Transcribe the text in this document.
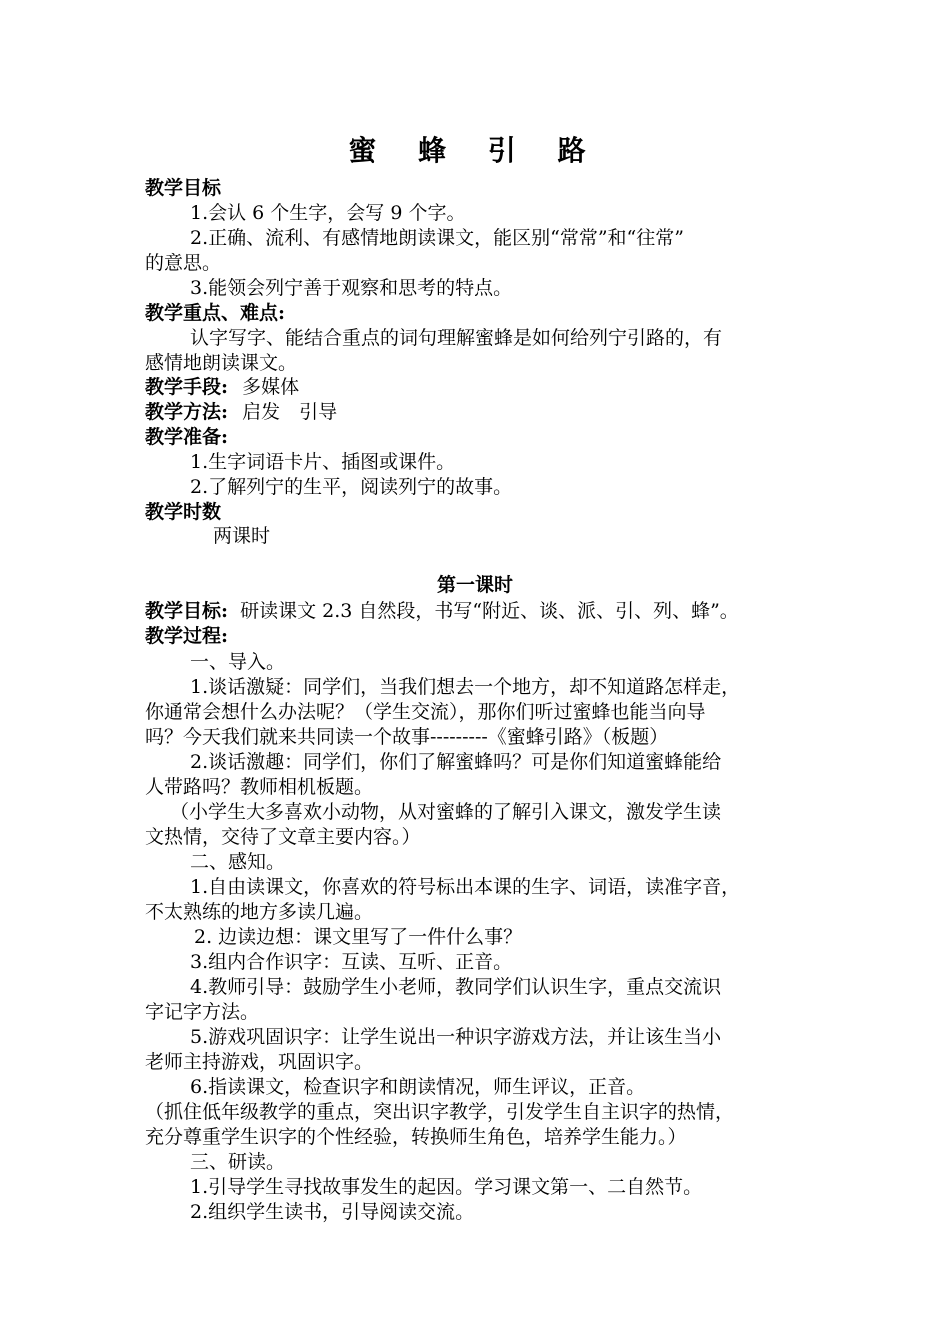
蜜 蜂 引 路
教学目标
1.会认 6 个生字，会写 9 个字。
2.正确、流利、有感情地朗读课文，能区别“常常”和“往常”
的意思。
3.能领会列宁善于观察和思考的特点。
教学重点、难点:
认字写字、能结合重点的词句理解蜜蜂是如何给列宁引路的，有
感情地朗读课文。
教学手段: 多媒体
教学方法: 启发　引导
教学准备:
1.生字词语卡片、插图或课件。
2.了解列宁的生平，阅读列宁的故事。
教学时数
两课时
第一课时
教学目标: 研读课文 2.3 自然段，书写“附近、谈、派、引、列、蜂”。
教学过程:
一、导入。
1.谈话激疑：同学们，当我们想去一个地方，却不知道路怎样走，
你通常会想什么办法呢？（学生交流），那你们听过蜜蜂也能当向导
吗？今天我们就来共同读一个故事---------《蜜蜂引路》（板题）
2.谈话激趣：同学们，你们了解蜜蜂吗？可是你们知道蜜蜂能给
人带路吗？教师相机板题。
（小学生大多喜欢小动物，从对蜜蜂的了解引入课文，激发学生读
文热情，交待了文章主要内容。）
二、感知。
1.自由读课文，你喜欢的符号标出本课的生字、词语，读准字音，
不太熟练的地方多读几遍。
2. 边读边想：课文里写了一件什么事？
3.组内合作识字：互读、互听、正音。
4.教师引导：鼓励学生小老师，教同学们认识生字，重点交流识
字记字方法。
5.游戏巩固识字：让学生说出一种识字游戏方法，并让该生当小
老师主持游戏，巩固识字。
6.指读课文，检查识字和朗读情况，师生评议，正音。
（抓住低年级教学的重点，突出识字教学，引发学生自主识字的热情，
充分尊重学生识字的个性经验，转换师生角色，培养学生能力。）
三、研读。
1.引导学生寻找故事发生的起因。学习课文第一、二自然节。
2.组织学生读书，引导阅读交流。
